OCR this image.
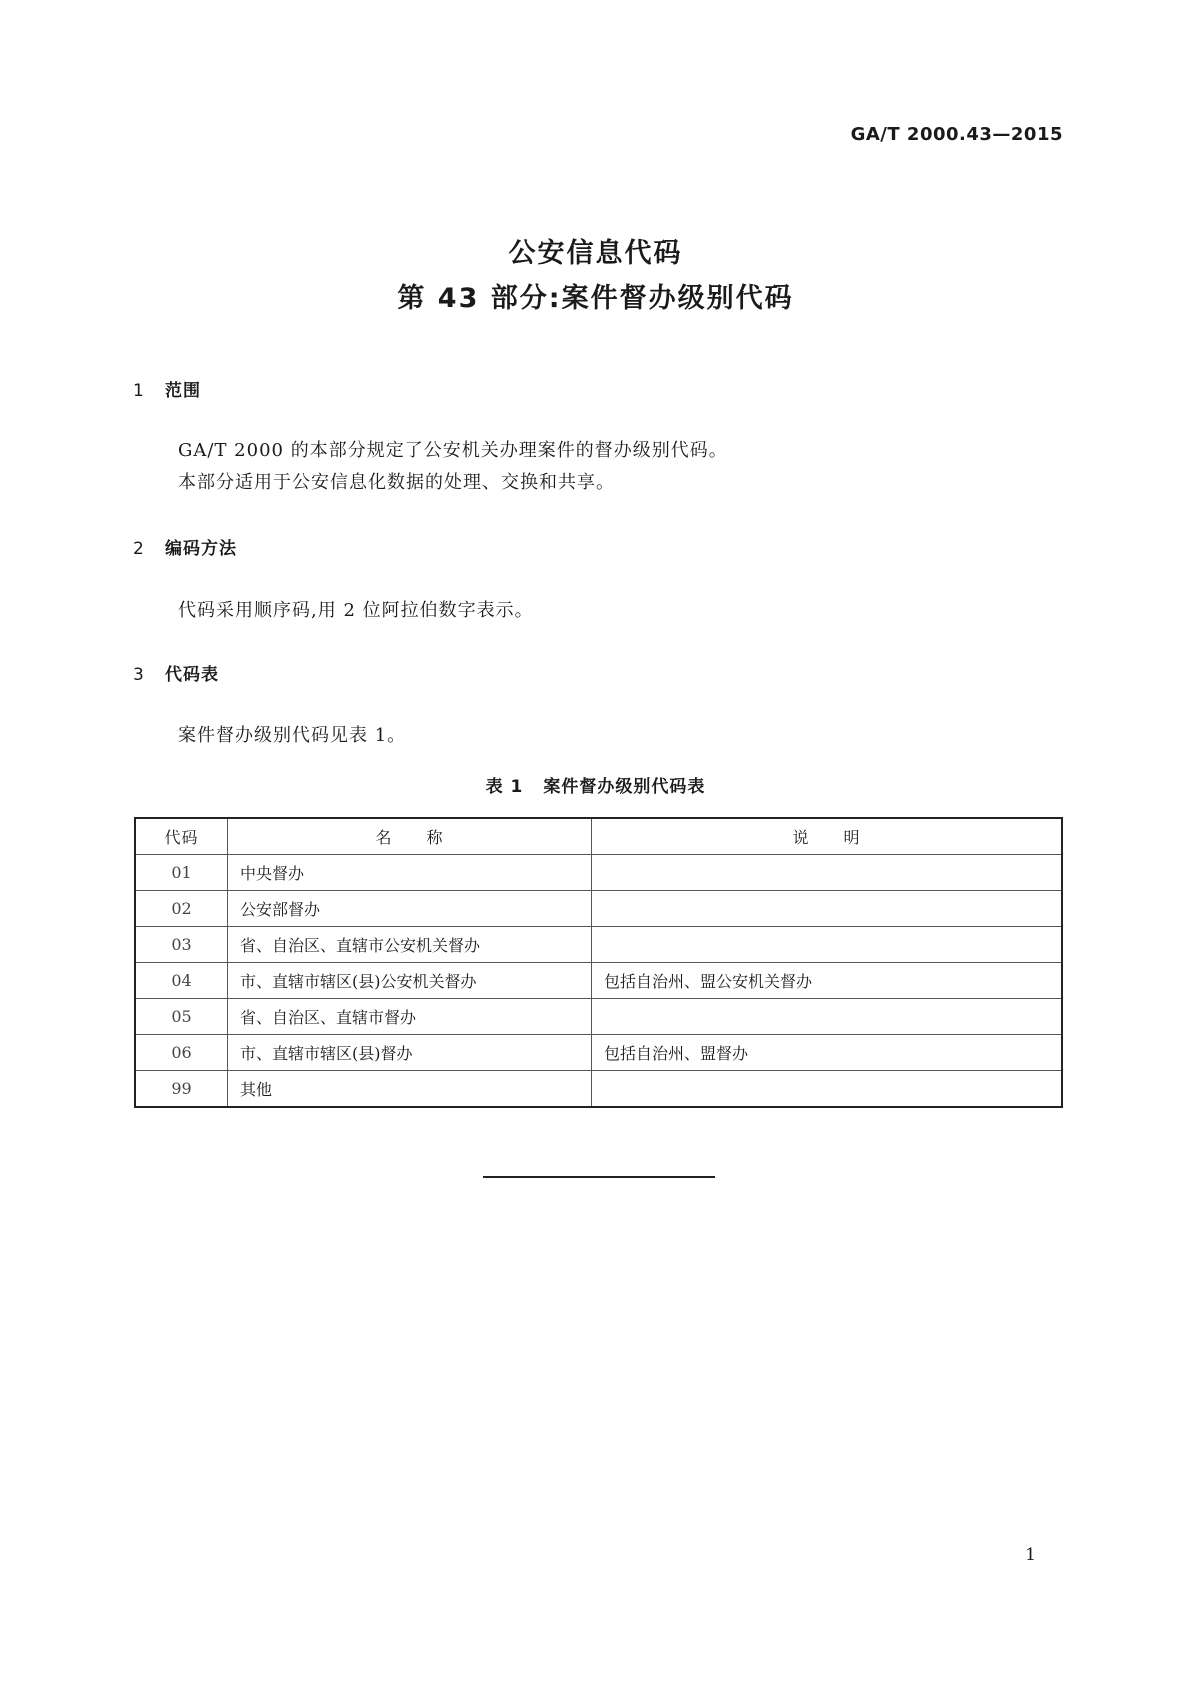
GA/T 2000.43—2015
公安信息代码
第 43 部分:案件督办级别代码
1 范围
GA/T 2000 的本部分规定了公安机关办理案件的督办级别代码。
本部分适用于公安信息化数据的处理、交换和共享。
2 编码方法
代码采用顺序码,用 2 位阿拉伯数字表示。
3 代码表
案件督办级别代码见表 1。
表 1 案件督办级别代码表
代码	名　　称	说　　明
01	中央督办	
02	公安部督办	
03	省、自治区、直辖市公安机关督办	
04	市、直辖市辖区(县)公安机关督办	包括自治州、盟公安机关督办
05	省、自治区、直辖市督办	
06	市、直辖市辖区(县)督办	包括自治州、盟督办
99	其他	
1
